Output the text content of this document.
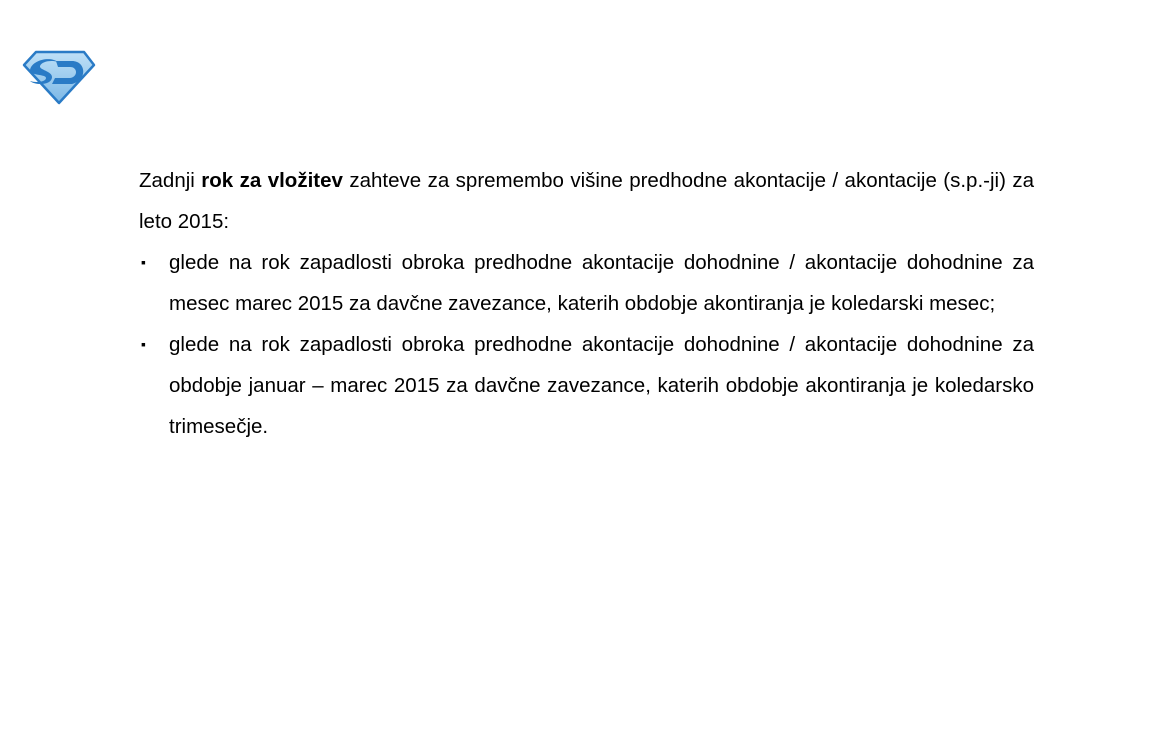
Zadnji rok za vložitev zahteve za spremembo višine predhodne akontacije / akontacije (s.p.-ji) za leto 2015:

▪ glede na rok zapadlosti obroka predhodne akontacije dohodnine / akontacije dohodnine za mesec marec 2015 za davčne zavezance, katerih obdobje akontiranja je koledarski mesec;
▪ glede na rok zapadlosti obroka predhodne akontacije dohodnine / akontacije dohodnine za obdobje januar – marec 2015 za davčne zavezance, katerih obdobje akontiranja je koledarsko trimesečje.
